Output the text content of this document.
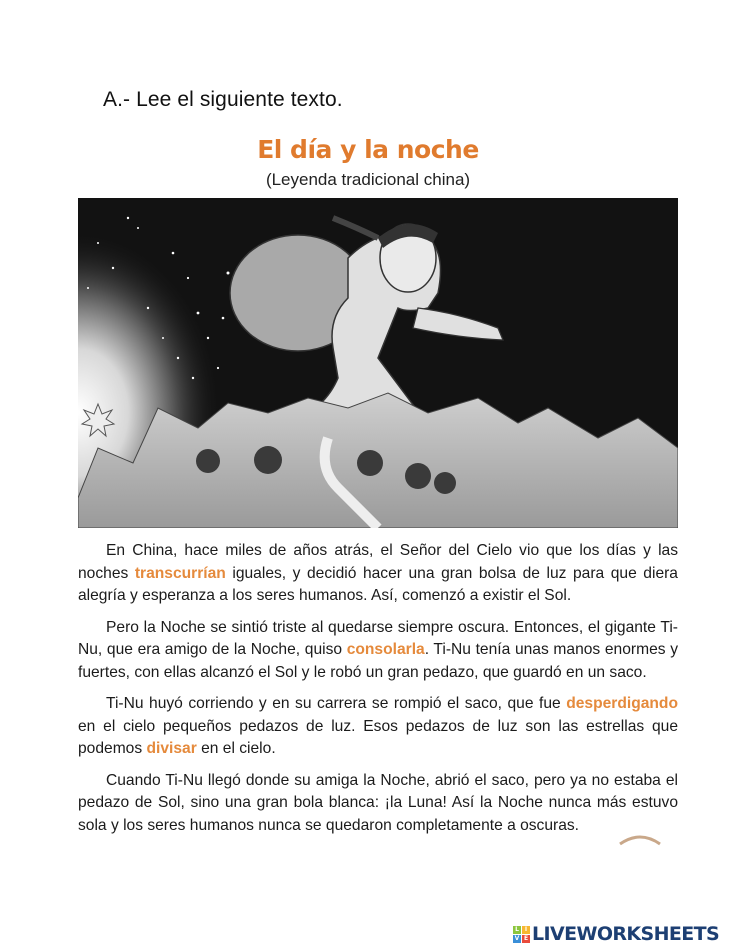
A.- Lee el siguiente texto.
El día y la noche
(Leyenda tradicional china)

En China, hace miles de años atrás, el Señor del Cielo vio que los días y las noches transcurrían iguales, y decidió hacer una gran bolsa de luz para que diera alegría y esperanza a los seres humanos. Así, comenzó a existir el Sol.

Pero la Noche se sintió triste al quedarse siempre oscura. Entonces, el gigante Ti-Nu, que era amigo de la Noche, quiso consolarla. Ti-Nu tenía unas manos enormes y fuertes, con ellas alcanzó el Sol y le robó un gran pedazo, que guardó en un saco.

Ti-Nu huyó corriendo y en su carrera se rompió el saco, que fue desperdigando en el cielo pequeños pedazos de luz. Esos pedazos de luz son las estrellas que podemos divisar en el cielo.

Cuando Ti-Nu llegó donde su amiga la Noche, abrió el saco, pero ya no estaba el pedazo de Sol, sino una gran bola blanca: ¡la Luna! Así la Noche nunca más estuvo sola y los seres humanos nunca se quedaron completamente a oscuras.

L I
V E LIVEWORKSHEETS
